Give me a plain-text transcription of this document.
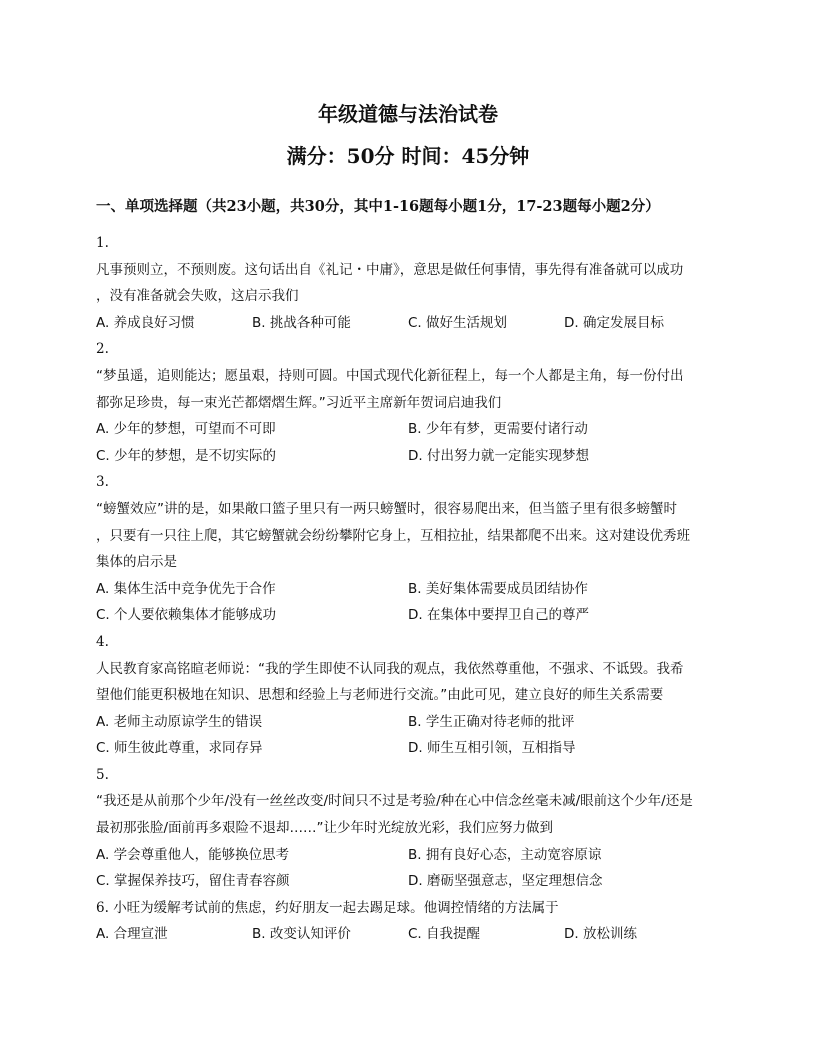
年级道德与法治试卷
满分：50分 时间：45分钟
一、单项选择题（共23小题，共30分，其中1-16题每小题1分，17-23题每小题2分）
1.
凡事预则立，不预则废。这句话出自《礼记・中庸》，意思是做任何事情，事先得有准备就可以成功
，没有准备就会失败，这启示我们
A. 养成良好习惯	B. 挑战各种可能	C. 做好生活规划	D. 确定发展目标
2.
“梦虽遥，追则能达；愿虽艰，持则可圆。中国式现代化新征程上，每一个人都是主角，每一份付出
都弥足珍贵，每一束光芒都熠熠生辉。”习近平主席新年贺词启迪我们
A. 少年的梦想，可望而不可即	B. 少年有梦，更需要付诸行动
C. 少年的梦想，是不切实际的	D. 付出努力就一定能实现梦想
3.
“螃蟹效应”讲的是，如果敞口篮子里只有一两只螃蟹时，很容易爬出来，但当篮子里有很多螃蟹时
，只要有一只往上爬，其它螃蟹就会纷纷攀附它身上，互相拉扯，结果都爬不出来。这对建设优秀班
集体的启示是
A. 集体生活中竞争优先于合作	B. 美好集体需要成员团结协作
C. 个人要依赖集体才能够成功	D. 在集体中要捍卫自己的尊严
4.
人民教育家高铭暄老师说：“我的学生即使不认同我的观点，我依然尊重他，不强求、不诋毁。我希
望他们能更积极地在知识、思想和经验上与老师进行交流。”由此可见，建立良好的师生关系需要
A. 老师主动原谅学生的错误	B. 学生正确对待老师的批评
C. 师生彼此尊重，求同存异	D. 师生互相引领，互相指导
5.
“我还是从前那个少年/没有一丝丝改变/时间只不过是考验/种在心中信念丝毫未减/眼前这个少年/还是
最初那张脸/面前再多艰险不退却……”让少年时光绽放光彩，我们应努力做到
A. 学会尊重他人，能够换位思考	B. 拥有良好心态，主动宽容原谅
C. 掌握保养技巧，留住青春容颜	D. 磨砺坚强意志，坚定理想信念
6. 小旺为缓解考试前的焦虑，约好朋友一起去踢足球。他调控情绪的方法属于
A. 合理宣泄	B. 改变认知评价	C. 自我提醒	D. 放松训练
